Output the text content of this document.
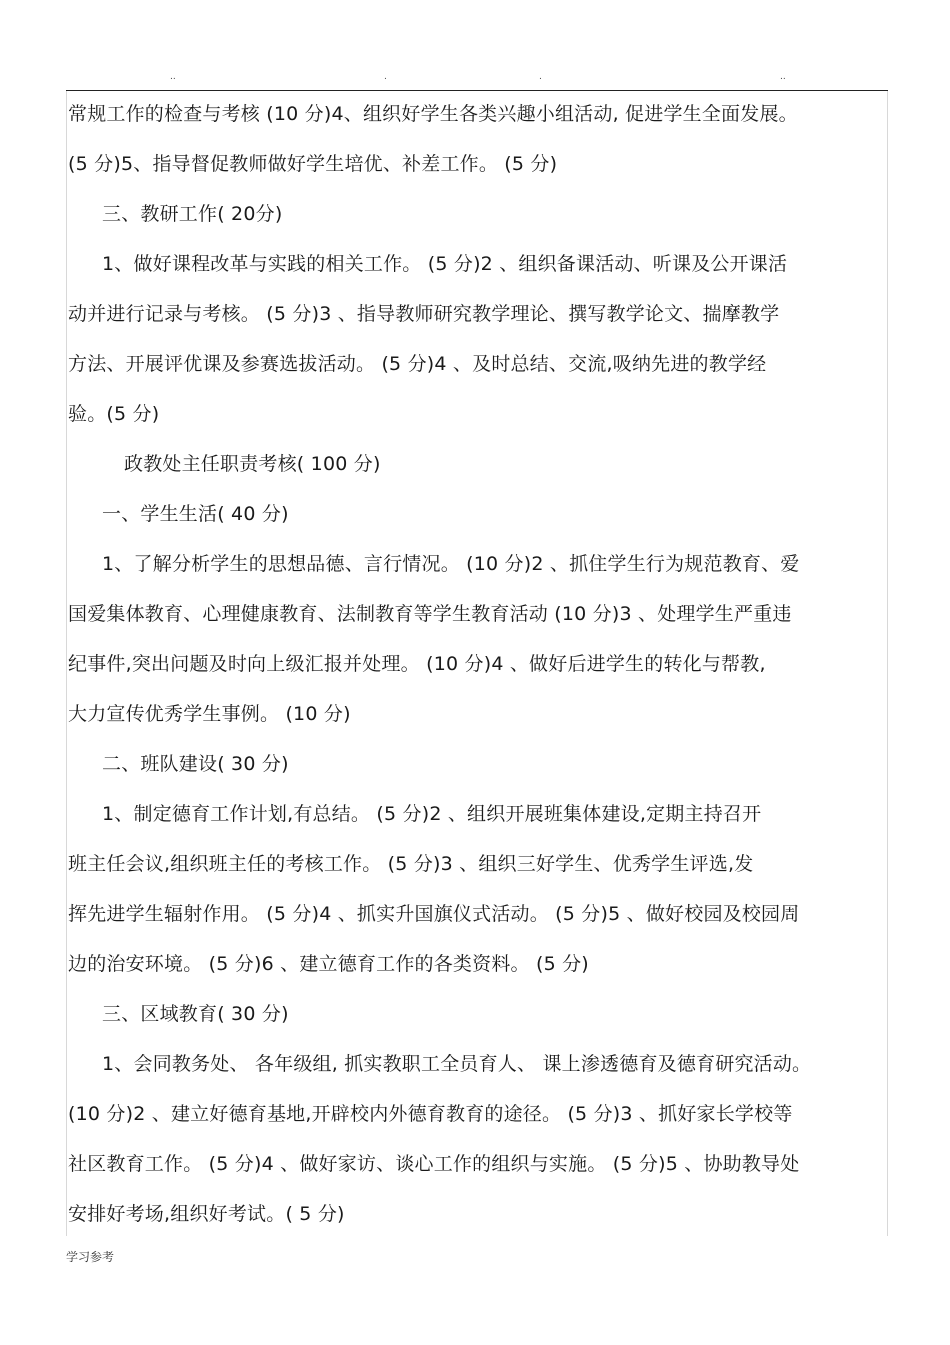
..	.	.	..
常规工作的检查与考核 (10 分)4、组织好学生各类兴趣小组活动, 促进学生全面发展。
(5 分)5、指导督促教师做好学生培优、补差工作。 (5 分)
三、教研工作( 20分)
1、做好课程改革与实践的相关工作。 (5 分)2 、组织备课活动、听课及公开课活
动并进行记录与考核。 (5 分)3 、指导教师研究教学理论、撰写教学论文、揣摩教学
方法、开展评优课及参赛选拔活动。 (5 分)4 、及时总结、交流,吸纳先进的教学经
验。(5 分)
政教处主任职责考核( 100 分)
一、学生生活( 40 分)
1、了解分析学生的思想品德、言行情况。 (10 分)2 、抓住学生行为规范教育、爱
国爱集体教育、心理健康教育、法制教育等学生教育活动 (10 分)3 、处理学生严重违
纪事件,突出问题及时向上级汇报并处理。 (10 分)4 、做好后进学生的转化与帮教,
大力宣传优秀学生事例。 (10 分)
二、班队建设( 30 分)
1、制定德育工作计划,有总结。 (5 分)2 、组织开展班集体建设,定期主持召开
班主任会议,组织班主任的考核工作。 (5 分)3 、组织三好学生、优秀学生评选,发
挥先进学生辐射作用。 (5 分)4 、抓实升国旗仪式活动。 (5 分)5 、做好校园及校园周
边的治安环境。 (5 分)6 、建立德育工作的各类资料。 (5 分)
三、区域教育( 30 分)
1、会同教务处、 各年级组, 抓实教职工全员育人、 课上渗透德育及德育研究活动。
(10 分)2 、建立好德育基地,开辟校内外德育教育的途径。 (5 分)3 、抓好家长学校等
社区教育工作。 (5 分)4 、做好家访、谈心工作的组织与实施。 (5 分)5 、协助教导处
安排好考场,组织好考试。( 5 分)
学习参考
